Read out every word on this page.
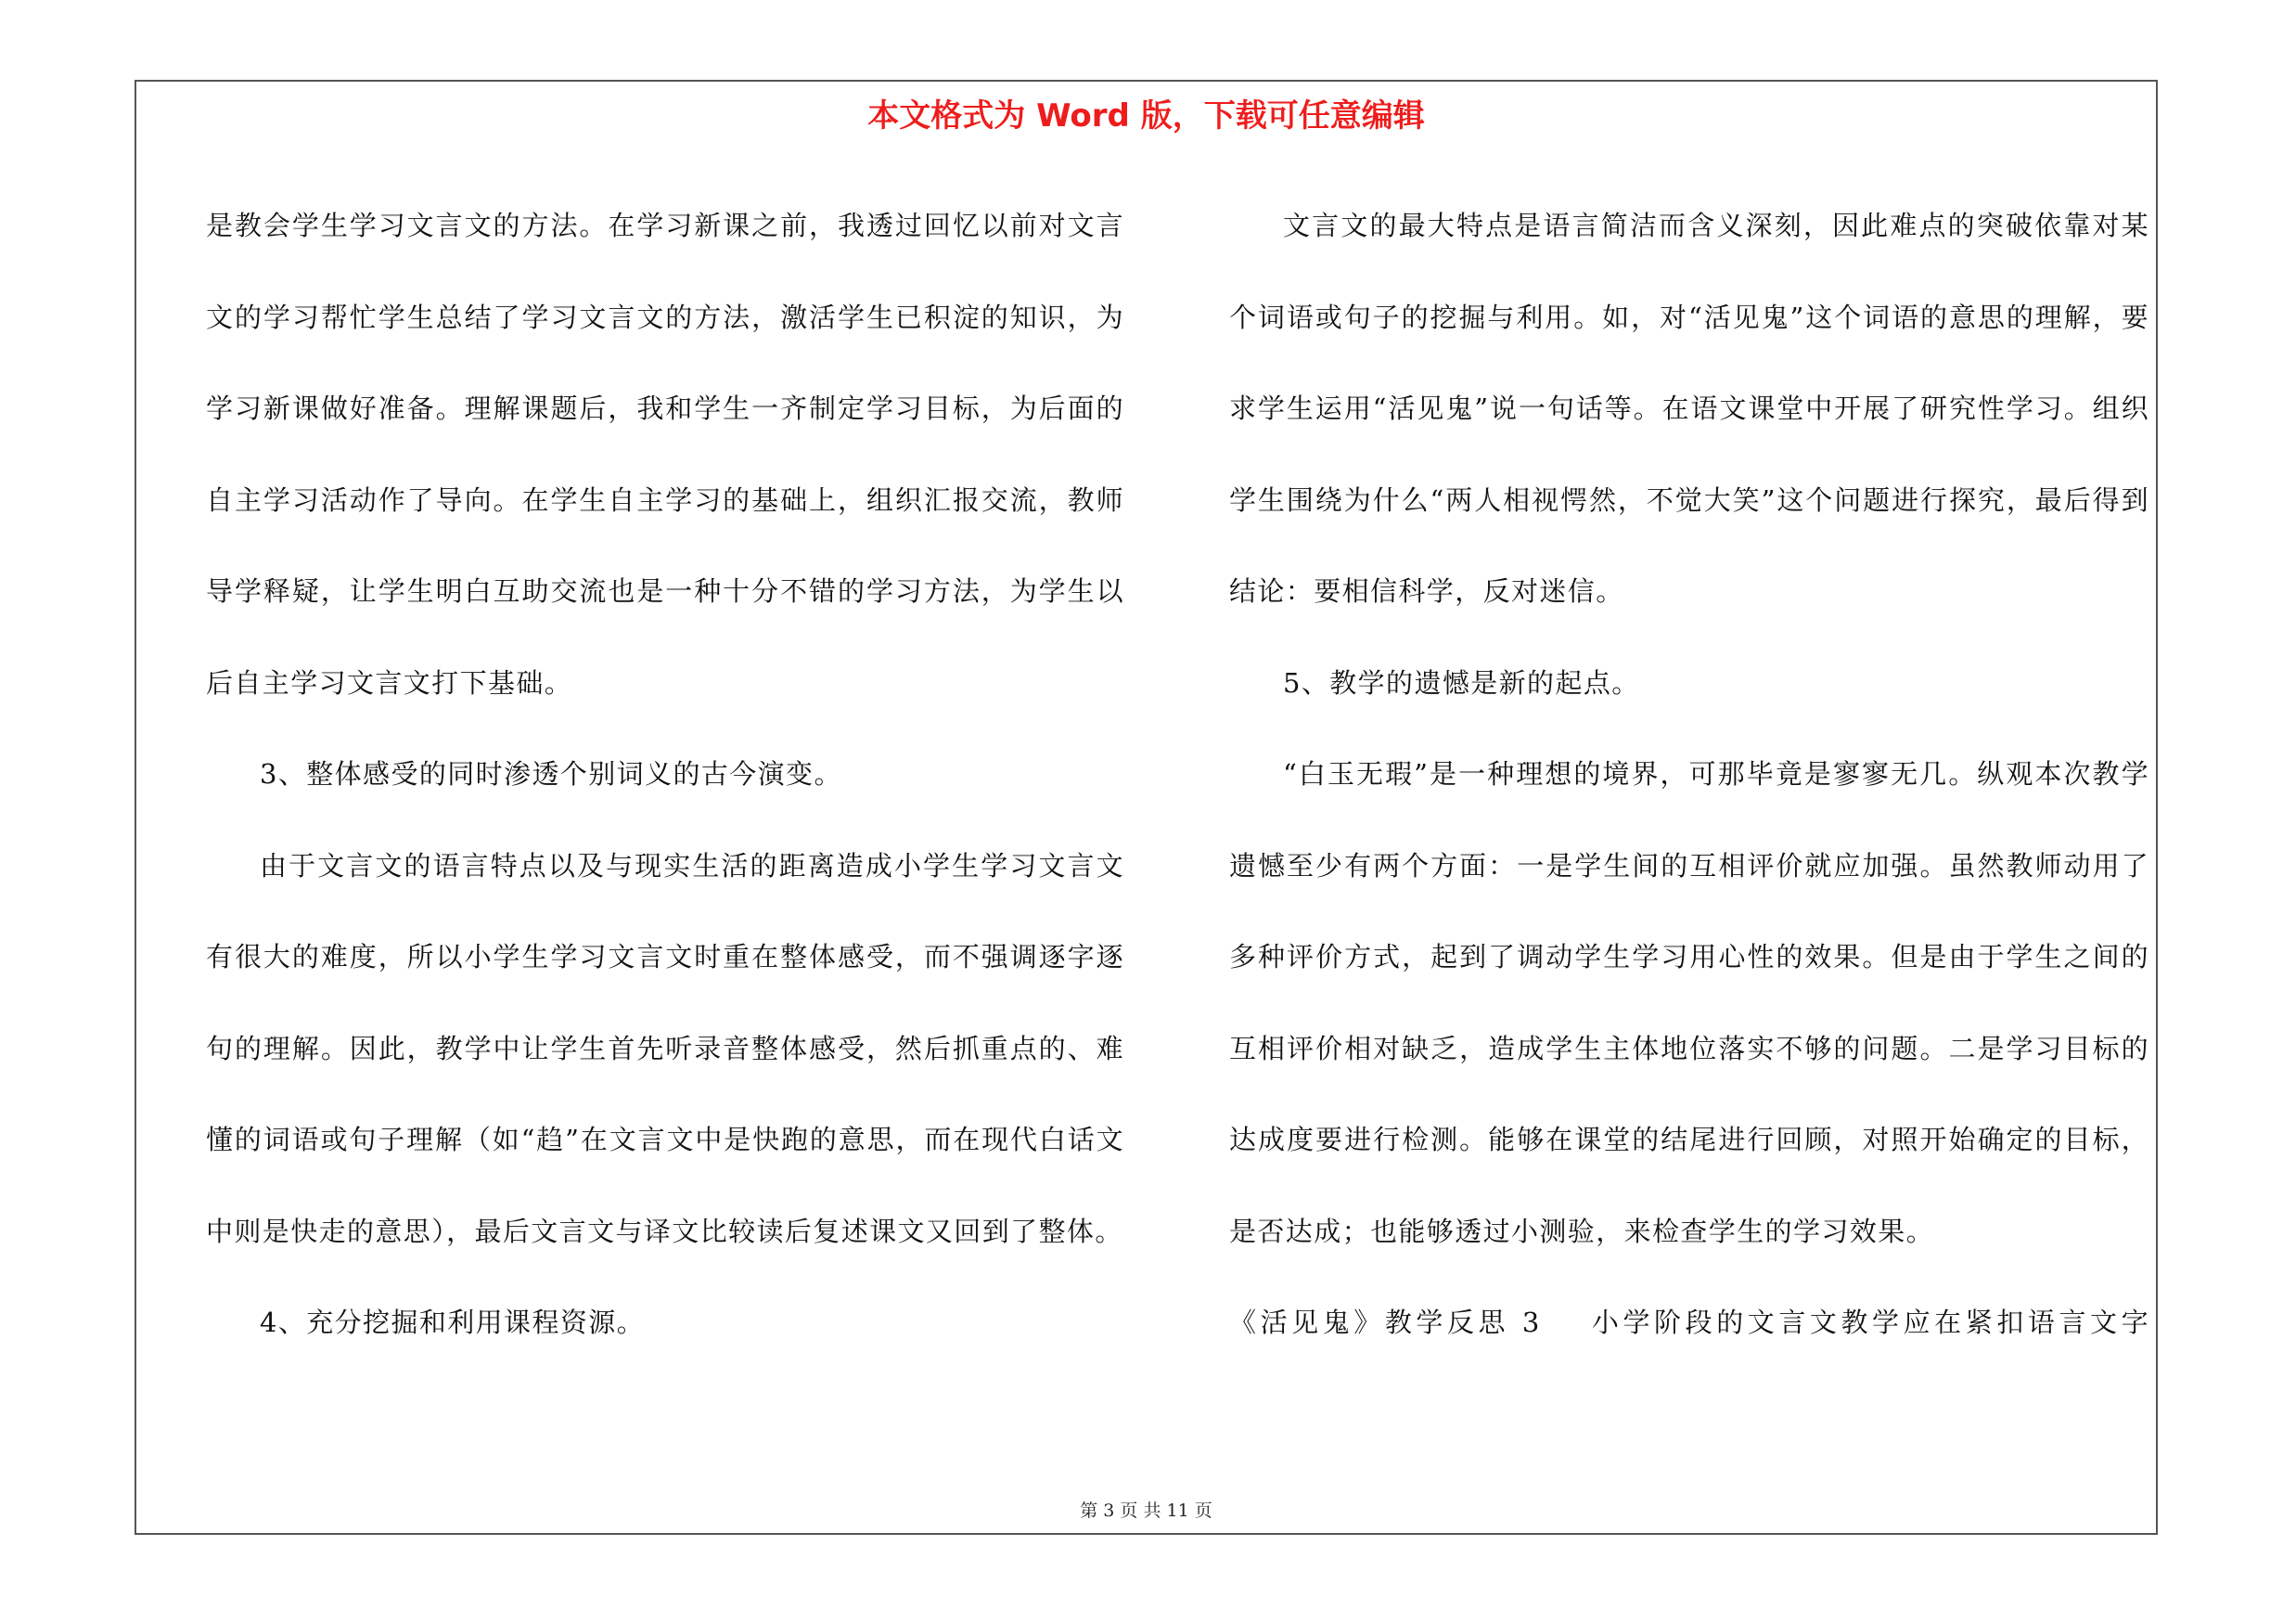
本文格式为 Word 版，下载可任意编辑

是教会学生学习文言文的方法。在学习新课之前，我透过回忆以前对文言文的学习帮忙学生总结了学习文言文的方法，激活学生已积淀的知识，为学习新课做好准备。理解课题后，我和学生一齐制定学习目标，为后面的自主学习活动作了导向。在学生自主学习的基础上，组织汇报交流，教师导学释疑，让学生明白互助交流也是一种十分不错的学习方法，为学生以后自主学习文言文打下基础。

3、整体感受的同时渗透个别词义的古今演变。

由于文言文的语言特点以及与现实生活的距离造成小学生学习文言文有很大的难度，所以小学生学习文言文时重在整体感受，而不强调逐字逐句的理解。因此，教学中让学生首先听录音整体感受，然后抓重点的、难懂的词语或句子理解（如“趋”在文言文中是快跑的意思，而在现代白话文中则是快走的意思），最后文言文与译文比较读后复述课文又回到了整体。

4、充分挖掘和利用课程资源。

文言文的最大特点是语言简洁而含义深刻，因此难点的突破依靠对某个词语或句子的挖掘与利用。如，对“活见鬼”这个词语的意思的理解，要求学生运用“活见鬼”说一句话等。在语文课堂中开展了研究性学习。组织学生围绕为什么“两人相视愕然，不觉大笑”这个问题进行探究，最后得到结论：要相信科学，反对迷信。

5、教学的遗憾是新的起点。

“白玉无瑕”是一种理想的境界，可那毕竟是寥寥无几。纵观本次教学遗憾至少有两个方面：一是学生间的互相评价就应加强。虽然教师动用了多种评价方式，起到了调动学生学习用心性的效果。但是由于学生之间的互相评价相对缺乏，造成学生主体地位落实不够的问题。二是学习目标的达成度要进行检测。能够在课堂的结尾进行回顾，对照开始确定的目标，是否达成；也能够透过小测验，来检查学生的学习效果。

《活见鬼》教学反思 3 小学阶段的文言文教学应在紧扣语言文字

第 3 页 共 11 页
